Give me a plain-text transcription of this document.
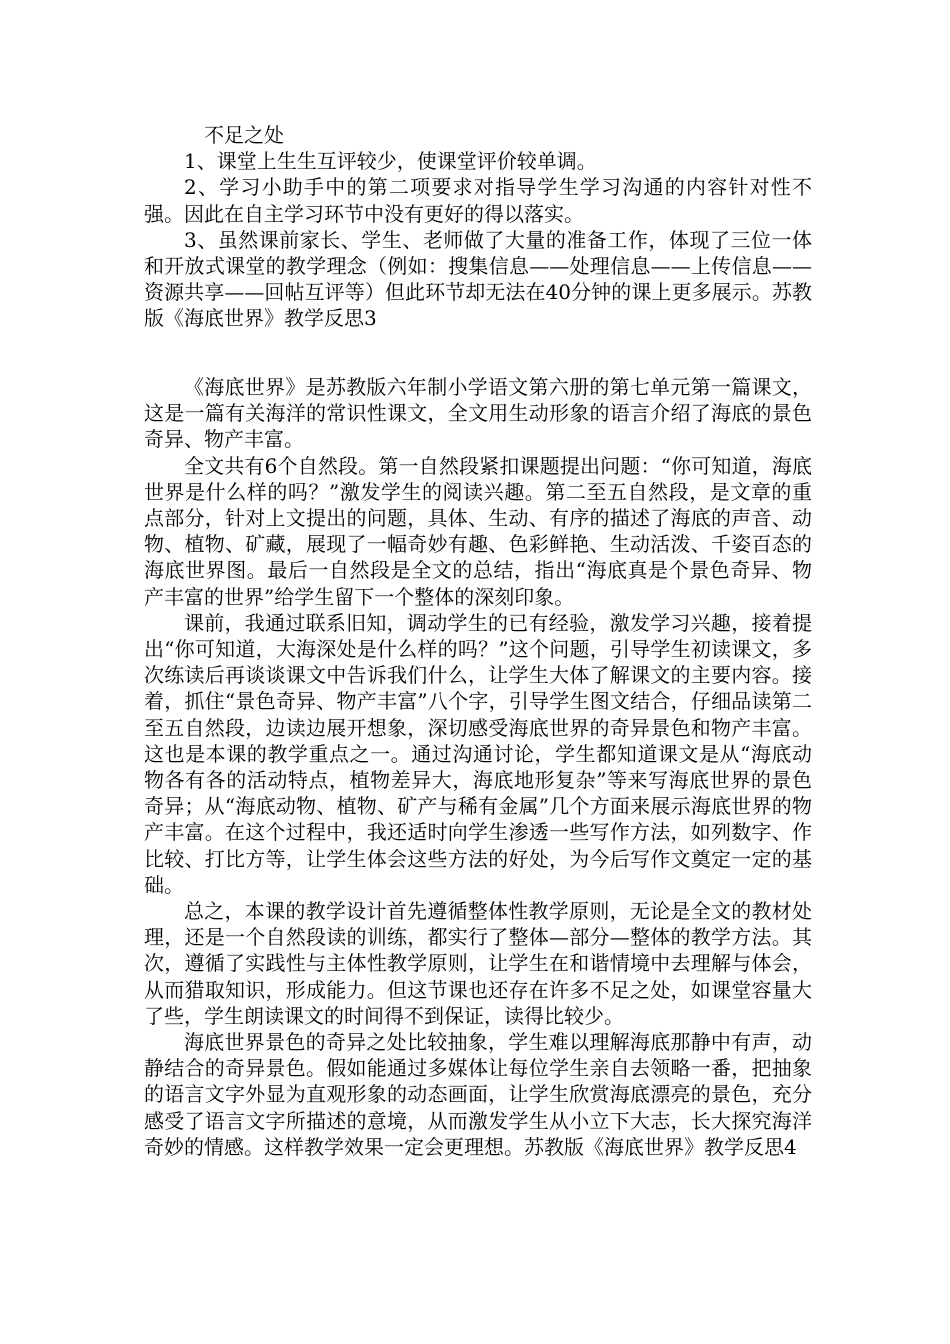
不足之处

1、课堂上生生互评较少，使课堂评价较单调。

2、学习小助手中的第二项要求对指导学生学习沟通的内容针对性不强。因此在自主学习环节中没有更好的得以落实。

3、虽然课前家长、学生、老师做了大量的准备工作，体现了三位一体和开放式课堂的教学理念（例如：搜集信息——处理信息——上传信息——资源共享——回帖互评等）但此环节却无法在40分钟的课上更多展示。苏教版《海底世界》教学反思3

《海底世界》是苏教版六年制小学语文第六册的第七单元第一篇课文，这是一篇有关海洋的常识性课文，全文用生动形象的语言介绍了海底的景色奇异、物产丰富。

全文共有6个自然段。第一自然段紧扣课题提出问题：“你可知道，海底世界是什么样的吗？”激发学生的阅读兴趣。第二至五自然段，是文章的重点部分，针对上文提出的问题，具体、生动、有序的描述了海底的声音、动物、植物、矿藏，展现了一幅奇妙有趣、色彩鲜艳、生动活泼、千姿百态的海底世界图。最后一自然段是全文的总结，指出“海底真是个景色奇异、物产丰富的世界”给学生留下一个整体的深刻印象。

课前，我通过联系旧知，调动学生的已有经验，激发学习兴趣，接着提出“你可知道，大海深处是什么样的吗？”这个问题，引导学生初读课文，多次练读后再谈谈课文中告诉我们什么，让学生大体了解课文的主要内容。接着，抓住“景色奇异、物产丰富”八个字，引导学生图文结合，仔细品读第二至五自然段，边读边展开想象，深切感受海底世界的奇异景色和物产丰富。这也是本课的教学重点之一。通过沟通讨论，学生都知道课文是从“海底动物各有各的活动特点，植物差异大，海底地形复杂”等来写海底世界的景色奇异；从“海底动物、植物、矿产与稀有金属”几个方面来展示海底世界的物产丰富。在这个过程中，我还适时向学生渗透一些写作方法，如列数字、作比较、打比方等，让学生体会这些方法的好处，为今后写作文奠定一定的基础。

总之，本课的教学设计首先遵循整体性教学原则，无论是全文的教材处理，还是一个自然段读的训练，都实行了整体—部分—整体的教学方法。其次，遵循了实践性与主体性教学原则，让学生在和谐情境中去理解与体会，从而猎取知识，形成能力。但这节课也还存在许多不足之处，如课堂容量大了些，学生朗读课文的时间得不到保证，读得比较少。

海底世界景色的奇异之处比较抽象，学生难以理解海底那静中有声，动静结合的奇异景色。假如能通过多媒体让每位学生亲自去领略一番，把抽象的语言文字外显为直观形象的动态画面，让学生欣赏海底漂亮的景色，充分感受了语言文字所描述的意境，从而激发学生从小立下大志，长大探究海洋奇妙的情感。这样教学效果一定会更理想。苏教版《海底世界》教学反思4
